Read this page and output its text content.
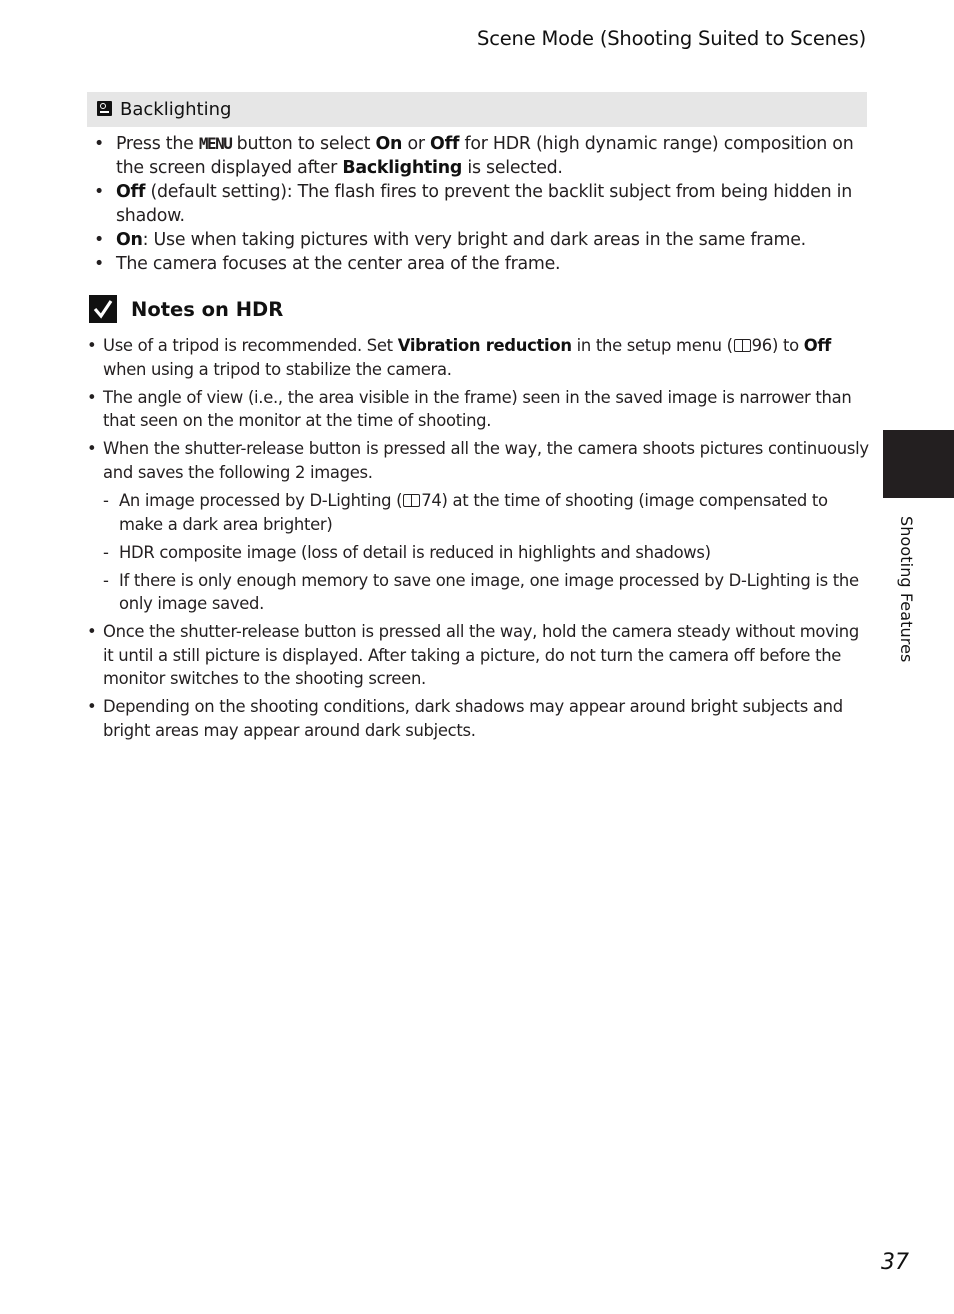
Scene Mode (Shooting Suited to Scenes)
Backlighting
• Press the MENU button to select On or Off for HDR (high dynamic range) composition on the screen displayed after Backlighting is selected.
• Off (default setting): The flash fires to prevent the backlit subject from being hidden in shadow.
• On: Use when taking pictures with very bright and dark areas in the same frame.
• The camera focuses at the center area of the frame.
Notes on HDR
• Use of a tripod is recommended. Set Vibration reduction in the setup menu ( 96) to Off when using a tripod to stabilize the camera.
• The angle of view (i.e., the area visible in the frame) seen in the saved image is narrower than that seen on the monitor at the time of shooting.
• When the shutter-release button is pressed all the way, the camera shoots pictures continuously and saves the following 2 images.
- An image processed by D-Lighting ( 74) at the time of shooting (image compensated to make a dark area brighter)
- HDR composite image (loss of detail is reduced in highlights and shadows)
- If there is only enough memory to save one image, one image processed by D-Lighting is the only image saved.
• Once the shutter-release button is pressed all the way, hold the camera steady without moving it until a still picture is displayed. After taking a picture, do not turn the camera off before the monitor switches to the shooting screen.
• Depending on the shooting conditions, dark shadows may appear around bright subjects and bright areas may appear around dark subjects.
Shooting Features
37
